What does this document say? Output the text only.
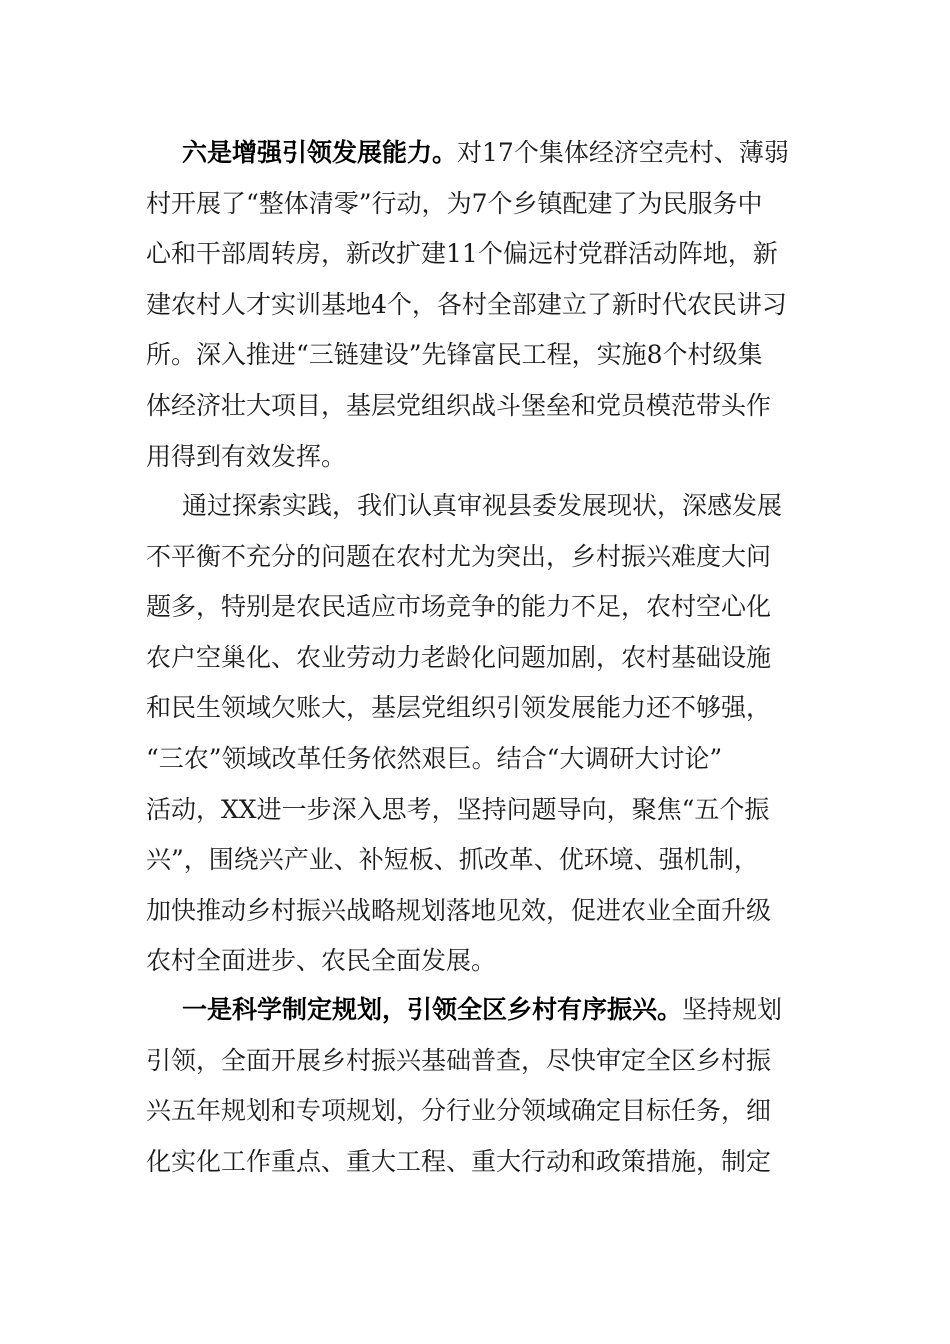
六是增强引领发展能力。对17个集体经济空壳村、薄弱
村开展了“整体清零”行动，为7个乡镇配建了为民服务中
心和干部周转房，新改扩建11个偏远村党群活动阵地，新
建农村人才实训基地4个，各村全部建立了新时代农民讲习
所。深入推进“三链建设”先锋富民工程，实施8个村级集
体经济壮大项目，基层党组织战斗堡垒和党员模范带头作
用得到有效发挥。
通过探索实践，我们认真审视县委发展现状，深感发展
不平衡不充分的问题在农村尤为突出，乡村振兴难度大问
题多，特别是农民适应市场竞争的能力不足，农村空心化
农户空巢化、农业劳动力老龄化问题加剧，农村基础设施
和民生领域欠账大，基层党组织引领发展能力还不够强，
“三农”领域改革任务依然艰巨。结合“大调研大讨论”
活动，XX进一步深入思考，坚持问题导向，聚焦“五个振
兴”，围绕兴产业、补短板、抓改革、优环境、强机制，
加快推动乡村振兴战略规划落地见效，促进农业全面升级
农村全面进步、农民全面发展。
一是科学制定规划，引领全区乡村有序振兴。坚持规划
引领，全面开展乡村振兴基础普查，尽快审定全区乡村振
兴五年规划和专项规划，分行业分领域确定目标任务，细
化实化工作重点、重大工程、重大行动和政策措施，制定
